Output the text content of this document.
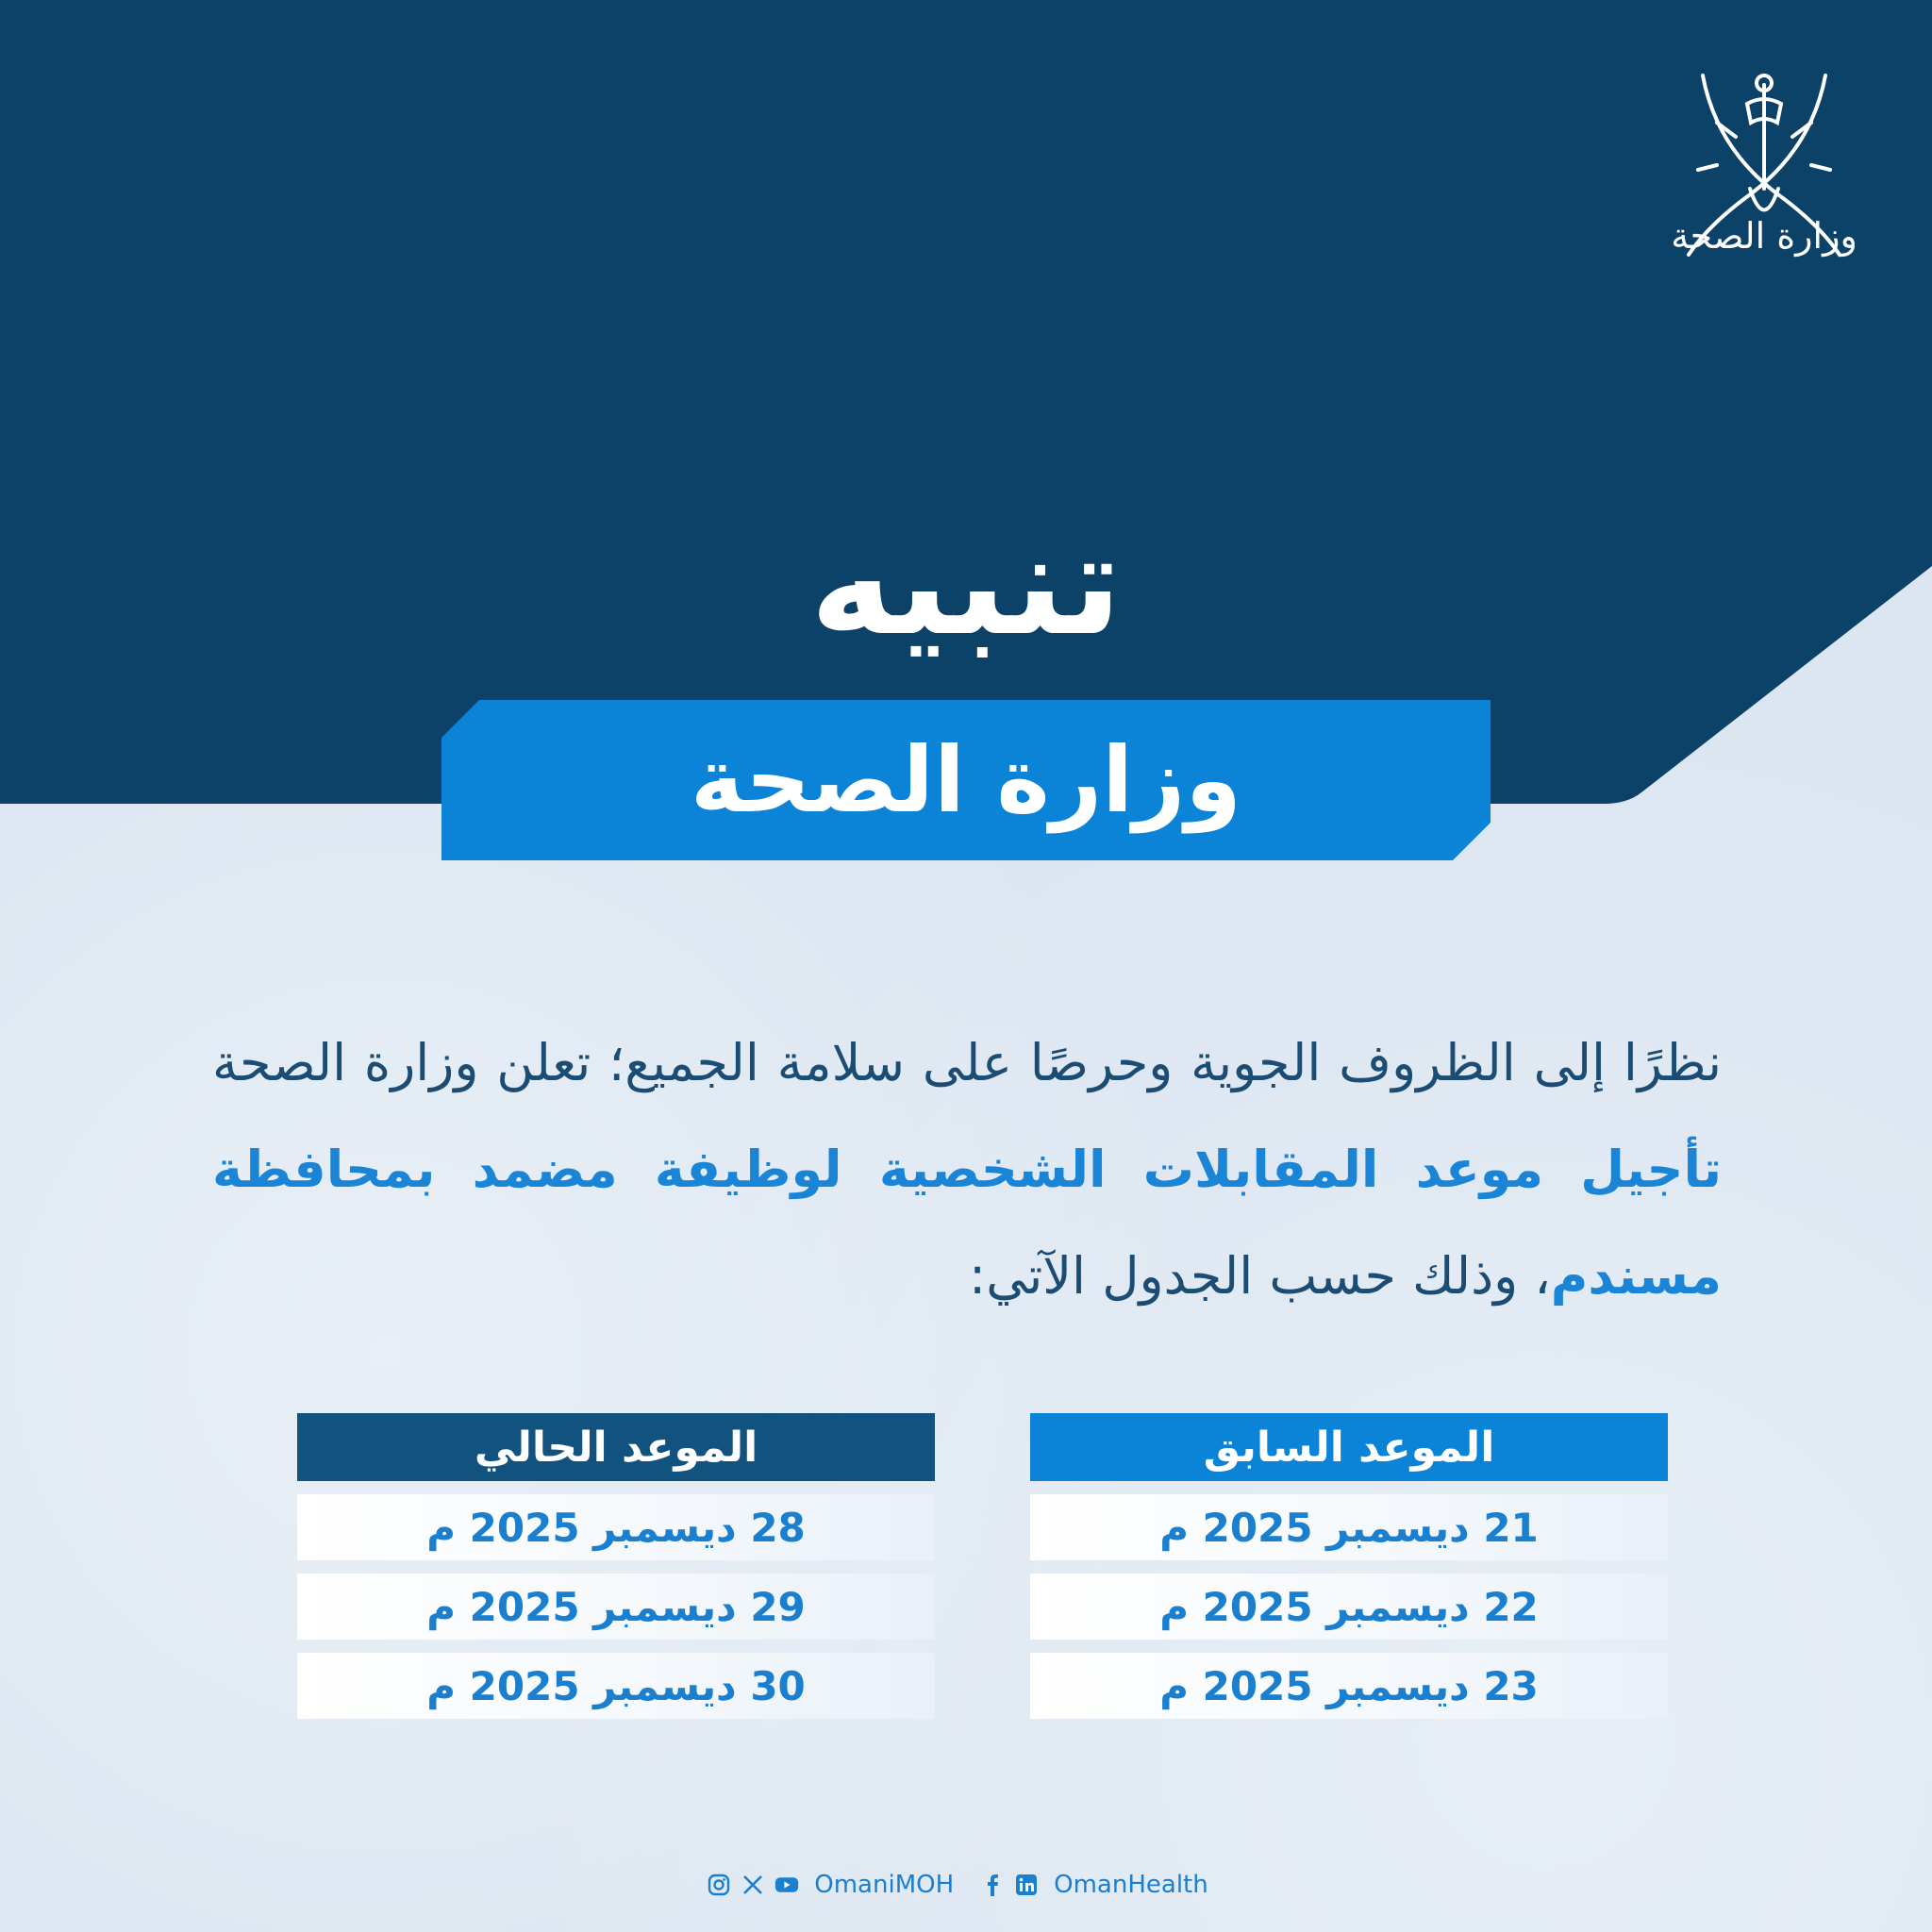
وزارة الصحة
تنبيه
وزارة الصحة
نظرًا إلى الظروف الجوية وحرصًا على سلامة الجميع؛ تعلن وزارة الصحة تأجيل موعد المقابلات الشخصية لوظيفة مضمد بمحافظة مسندم، وذلك حسب الجدول الآتي:
الموعد السابق
21 ديسمبر 2025 م
22 ديسمبر 2025 م
23 ديسمبر 2025 م
الموعد الحالي
28 ديسمبر 2025 م
29 ديسمبر 2025 م
30 ديسمبر 2025 م
OmaniMOH	OmanHealth
